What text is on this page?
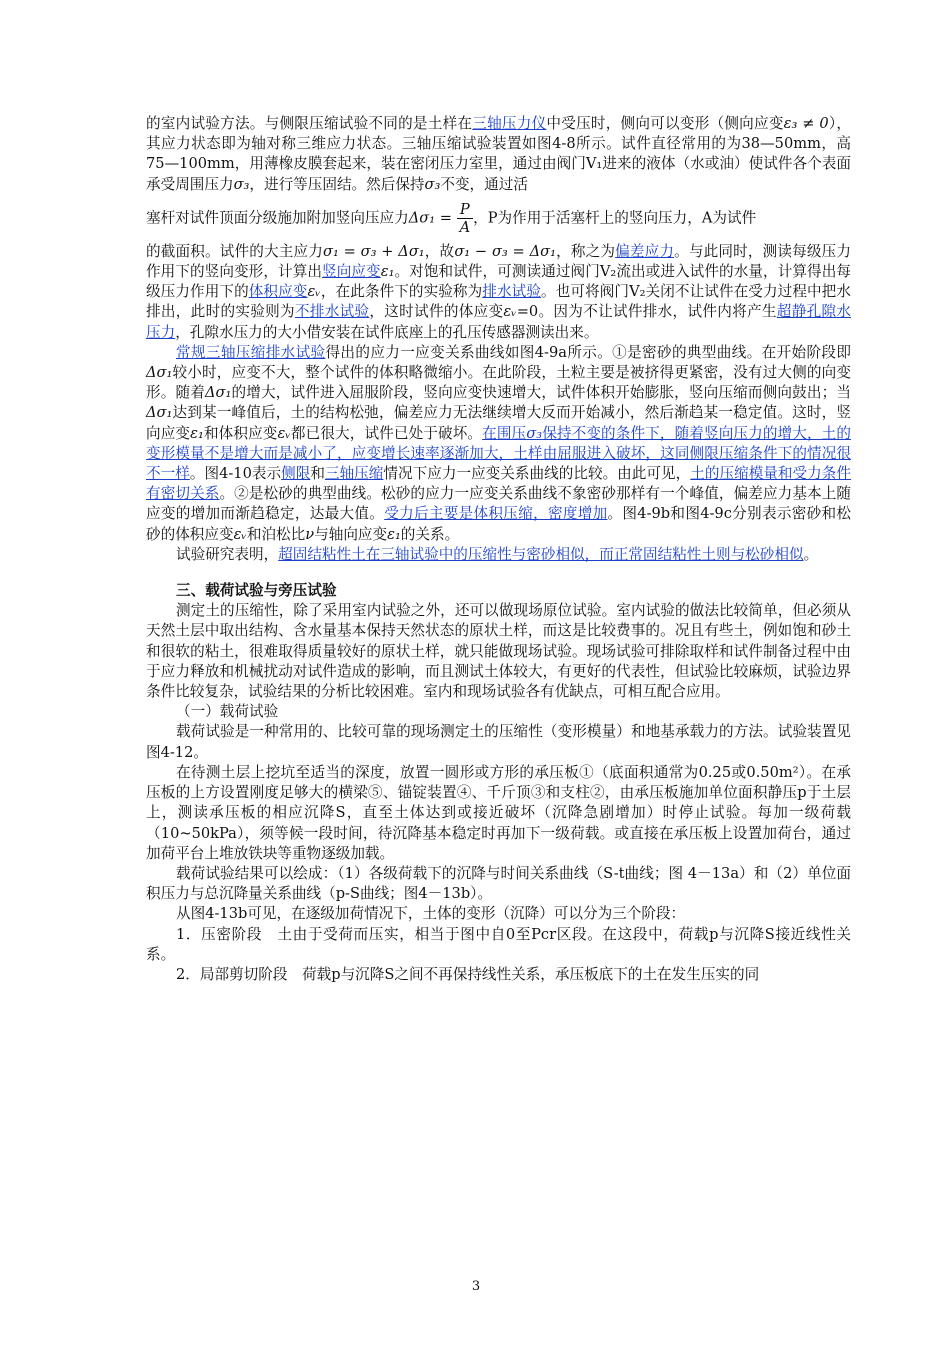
的室内试验方法。与侧限压缩试验不同的是土样在三轴压力仪中受压时，侧向可以变形（侧向应变ε₃ ≠ 0），其应力状态即为轴对称三维应力状态。三轴压缩试验装置如图4-8所示。试件直径常用的为38—50mm，高75—100mm，用薄橡皮膜套起来，装在密闭压力室里，通过由阀门V₁进来的液体（水或油）使试件各个表面承受周围压力σ₃，进行等压固结。然后保持σ₃不变，通过活

塞杆对试件顶面分级施加附加竖向压应力$\Delta\sigma_1 = \frac{P}{A}$ ，P为作用于活塞杆上的竖向压力，A为试件

的截面积。试件的大主应力σ₁ = σ₃ + Δσ₁，故σ₁ − σ₃ = Δσ₁，称之为偏差应力。与此同时，测读每级压力作用下的竖向变形，计算出竖向应变ε₁。对饱和试件，可测读通过阀门V₂流出或进入试件的水量，计算得出每级压力作用下的体积应变εᵥ，在此条件下的实验称为排水试验。也可将阀门V₂关闭不让试件在受力过程中把水排出，此时的实验则为不排水试验，这时试件的体应变εᵥ=0。因为不让试件排水，试件内将产生超静孔隙水压力，孔隙水压力的大小借安装在试件底座上的孔压传感器测读出来。

常规三轴压缩排水试验得出的应力一应变关系曲线如图4-9a所示。①是密砂的典型曲线。在开始阶段即Δσ₁较小时，应变不大，整个试件的体积略微缩小。在此阶段，土粒主要是被挤得更紧密，没有过大侧的向变形。随着Δσ₁的增大，试件进入屈服阶段，竖向应变快速增大，试件体积开始膨胀，竖向压缩而侧向鼓出；当Δσ₁达到某一峰值后，土的结构松弛，偏差应力无法继续增大反而开始减小，然后渐趋某一稳定值。这时，竖向应变ε₁和体积应变εᵥ都已很大，试件已处于破坏。在围压σ₃保持不变的条件下，随着竖向压力的增大，土的变形模量不是增大而是减小了，应变增长速率逐渐加大，土样由屈服进入破坏，这同侧限压缩条件下的情况很不一样。图4-10表示侧限和三轴压缩情况下应力一应变关系曲线的比较。由此可见，土的压缩模量和受力条件有密切关系。②是松砂的典型曲线。松砂的应力一应变关系曲线不象密砂那样有一个峰值，偏差应力基本上随应变的增加而渐趋稳定，达最大值。受力后主要是体积压缩，密度增加。图4-9b和图4-9c分别表示密砂和松砂的体积应变εᵥ和泊松比ν与轴向应变ε₁的关系。

试验研究表明，超固结粘性土在三轴试验中的压缩性与密砂相似，而正常固结粘性土则与松砂相似。

三、载荷试验与旁压试验

测定土的压缩性，除了采用室内试验之外，还可以做现场原位试验。室内试验的做法比较简单，但必须从天然土层中取出结构、含水量基本保持天然状态的原状土样，而这是比较费事的。况且有些土，例如饱和砂土和很软的粘土，很难取得质量较好的原状土样，就只能做现场试验。现场试验可排除取样和试件制备过程中由于应力释放和机械扰动对试件造成的影响，而且测试土体较大，有更好的代表性，但试验比较麻烦，试验边界条件比较复杂，试验结果的分析比较困难。室内和现场试验各有优缺点，可相互配合应用。

（一）载荷试验

载荷试验是一种常用的、比较可靠的现场测定土的压缩性（变形模量）和地基承载力的方法。试验装置见图4-12。

在待测土层上挖坑至适当的深度，放置一圆形或方形的承压板①（底面积通常为0.25或0.50m²）。在承压板的上方设置刚度足够大的横梁⑤、锚锭装置④、千斤顶③和支柱②，由承压板施加单位面积静压p于土层上，测读承压板的相应沉降S，直至土体达到或接近破坏（沉降急剧增加）时停止试验。每加一级荷载（10~50kPa），须等候一段时间，待沉降基本稳定时再加下一级荷载。或直接在承压板上设置加荷台，通过加荷平台上堆放铁块等重物逐级加载。

载荷试验结果可以绘成：（1）各级荷载下的沉降与时间关系曲线（S-t曲线；图 4－13a）和（2）单位面积压力与总沉降量关系曲线（p-S曲线；图4－13b）。

从图4-13b可见，在逐级加荷情况下，土体的变形（沉降）可以分为三个阶段：

1．压密阶段　土由于受荷而压实，相当于图中自0至Pcr区段。在这段中，荷载p与沉降S接近线性关系。

2．局部剪切阶段　荷载p与沉降S之间不再保持线性关系，承压板底下的土在发生压实的同

3
